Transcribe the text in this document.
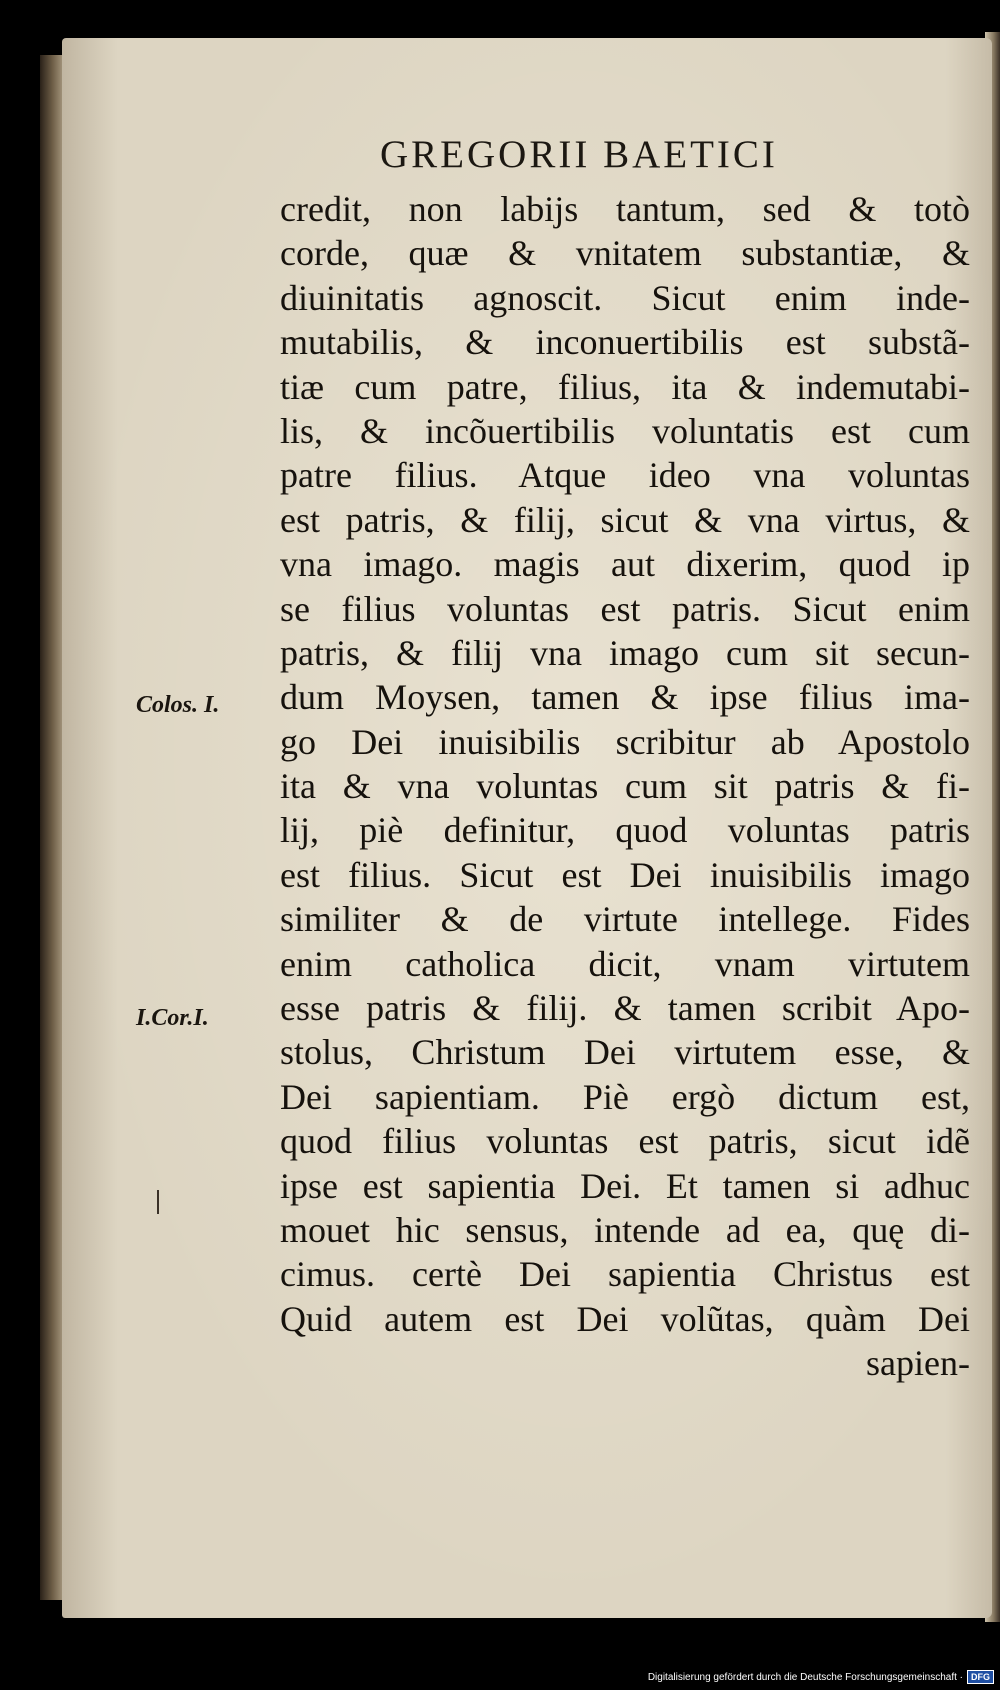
GREGORII BAETICI
Colos. I.
I.Cor.I.
credit, non labijs tantum, sed & totò
corde, quæ & vnitatem substantiæ, &
diuinitatis agnoscit. Sicut enim inde-
mutabilis, & inconuertibilis est substã-
tiæ cum patre, filius, ita & indemutabi-
lis, & incõuertibilis voluntatis est cum
patre filius. Atque ideo vna voluntas
est patris, & filij, sicut & vna virtus, &
vna imago. magis aut dixerim, quod ip
se filius voluntas est patris. Sicut enim
patris, & filij vna imago cum sit secun-
dum Moysen, tamen & ipse filius ima-
go Dei inuisibilis scribitur ab Apostolo
ita & vna voluntas cum sit patris & fi-
lij, piè definitur, quod voluntas patris
est filius. Sicut est Dei inuisibilis imago
similiter & de virtute intellege. Fides
enim catholica dicit, vnam virtutem
esse patris & filij. & tamen scribit Apo-
stolus, Christum Dei virtutem esse, &
Dei sapientiam. Piè ergò dictum est,
quod filius voluntas est patris, sicut idẽ
ipse est sapientia Dei. Et tamen si adhuc
mouet hic sensus, intende ad ea, quę di-
cimus. certè Dei sapientia Christus est
Quid autem est Dei volũtas, quàm Dei
sapien-
Digitalisierung gefördert durch die Deutsche Forschungsgemeinschaft · DFG
